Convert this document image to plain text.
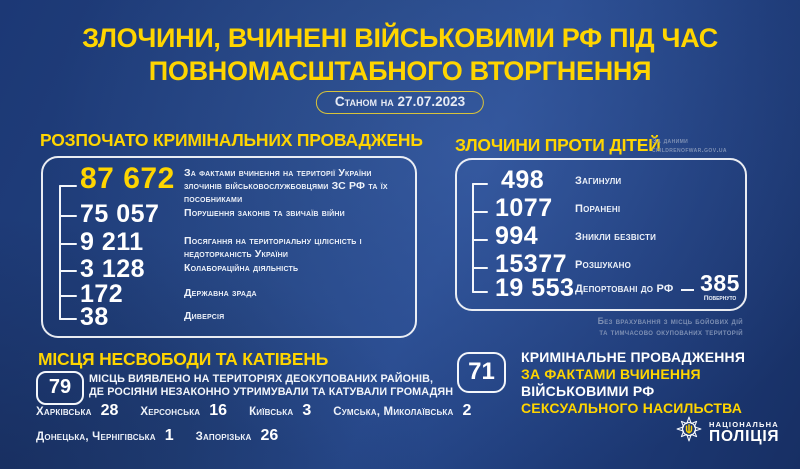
ЗЛОЧИНИ, ВЧИНЕНІ ВІЙСЬКОВИМИ РФ ПІД ЧАС
ПОВНОМАСШТАБНОГО ВТОРГНЕННЯ
Станом на 27.07.2023
РОЗПОЧАТО КРИМІНАЛЬНИХ ПРОВАДЖЕНЬ
87 672 За фактами вчинення на території України злочинів військовослужбовцями ЗС РФ та їх пособниками
75 057 Порушення законів та звичаїв війни
9 211	Посягання на територіальну цілісність і недоторканість України
3 128	Колабораційна діяльність
172	Державна зрада
38	Диверсія
ЗЛОЧИНИ ПРОТИ ДІТЕЙ
За даними
childrenofwar.gov.ua
498	Загинули
1077 Поранені
994	Зникли безвісти
15377 Розшукано
19 553 Депортовані до РФ 385
Повернуто
Без врахування з місць бойових дій
та тимчасово окупованих територій
МІСЦЯ НЕСВОБОДИ ТА КАТІВЕНЬ
79	МІСЦЬ ВИЯВЛЕНО НА ТЕРИТОРІЯХ ДЕОКУПОВАНИХ РАЙОНІВ,
ДЕ РОСІЯНИ НЕЗАКОННО УТРИМУВАЛИ ТА КАТУВАЛИ ГРОМАДЯН
Харківська 28 Херсонська 16 Київська 3 Сумська, Миколаївська 2
Донецька, Чернігівська 1 Запорізька 26
71
КРИМІНАЛЬНЕ ПРОВАДЖЕННЯ
ЗА ФАКТАМИ ВЧИНЕННЯ
ВІЙСЬКОВИМИ РФ
СЕКСУАЛЬНОГО НАСИЛЬСТВА
НАЦІОНАЛЬНА
ПОЛІЦІЯ
